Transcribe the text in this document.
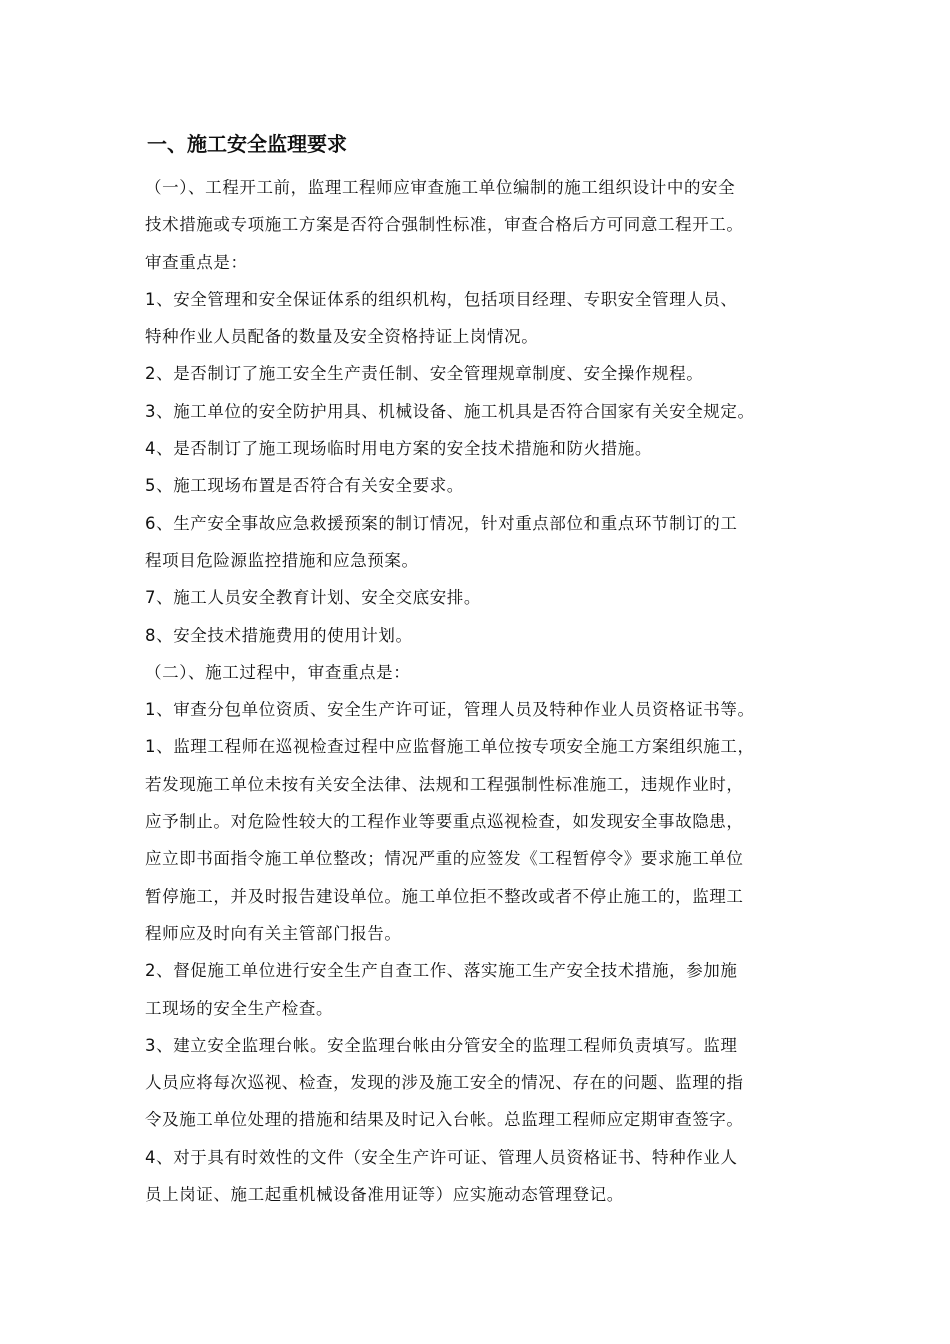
一、施工安全监理要求
（一）、工程开工前，监理工程师应审查施工单位编制的施工组织设计中的安全
技术措施或专项施工方案是否符合强制性标准，审查合格后方可同意工程开工。
审查重点是：
1、安全管理和安全保证体系的组织机构，包括项目经理、专职安全管理人员、
特种作业人员配备的数量及安全资格持证上岗情况。
2、是否制订了施工安全生产责任制、安全管理规章制度、安全操作规程。
3、施工单位的安全防护用具、机械设备、施工机具是否符合国家有关安全规定。
4、是否制订了施工现场临时用电方案的安全技术措施和防火措施。
5、施工现场布置是否符合有关安全要求。
6、生产安全事故应急救援预案的制订情况，针对重点部位和重点环节制订的工
程项目危险源监控措施和应急预案。
7、施工人员安全教育计划、安全交底安排。
8、安全技术措施费用的使用计划。
（二）、施工过程中，审查重点是：
1、审查分包单位资质、安全生产许可证，管理人员及特种作业人员资格证书等。
1、监理工程师在巡视检查过程中应监督施工单位按专项安全施工方案组织施工，
若发现施工单位未按有关安全法律、法规和工程强制性标准施工，违规作业时，
应予制止。对危险性较大的工程作业等要重点巡视检查，如发现安全事故隐患，
应立即书面指令施工单位整改；情况严重的应签发《工程暂停令》要求施工单位
暂停施工，并及时报告建设单位。施工单位拒不整改或者不停止施工的，监理工
程师应及时向有关主管部门报告。
2、督促施工单位进行安全生产自查工作、落实施工生产安全技术措施，参加施
工现场的安全生产检查。
3、建立安全监理台帐。安全监理台帐由分管安全的监理工程师负责填写。监理
人员应将每次巡视、检查，发现的涉及施工安全的情况、存在的问题、监理的指
令及施工单位处理的措施和结果及时记入台帐。总监理工程师应定期审查签字。
4、对于具有时效性的文件（安全生产许可证、管理人员资格证书、特种作业人
员上岗证、施工起重机械设备准用证等）应实施动态管理登记。
